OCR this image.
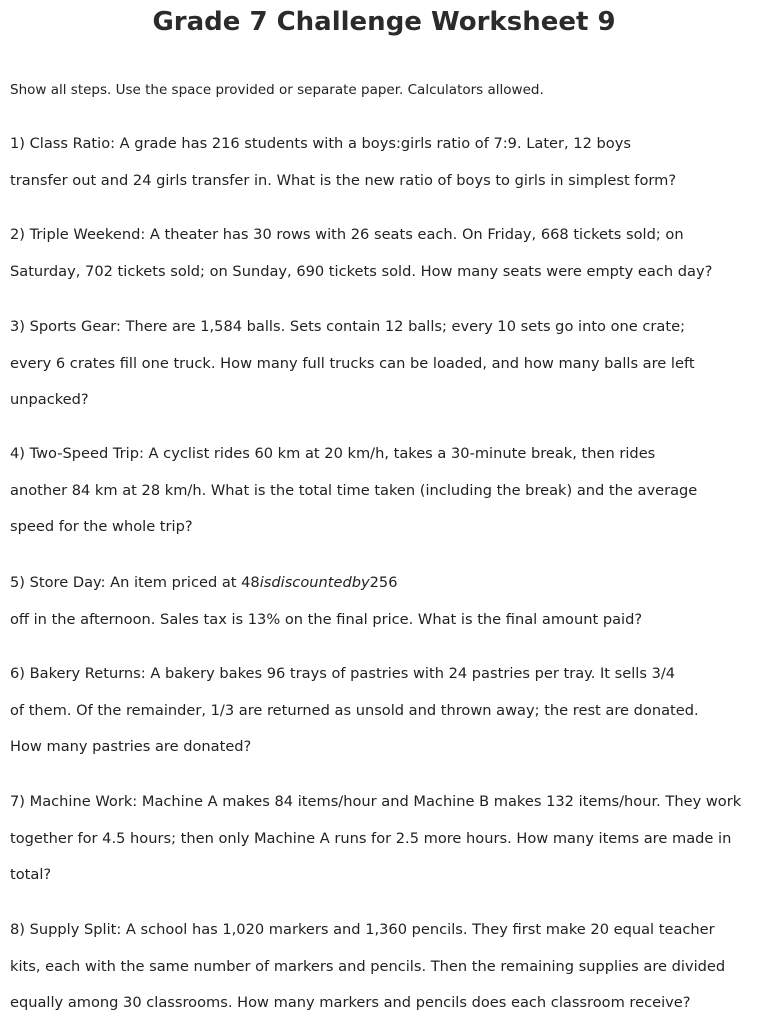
Grade 7 Challenge Worksheet 9

Show all steps. Use the space provided or separate paper. Calculators allowed.

1) Class Ratio: A grade has 216 students with a boys:girls ratio of 7:9. Later, 12 boys
transfer out and 24 girls transfer in. What is the new ratio of boys to girls in simplest form?
2) Triple Weekend: A theater has 30 rows with 26 seats each. On Friday, 668 tickets sold; on
Saturday, 702 tickets sold; on Sunday, 690 tickets sold. How many seats were empty each day?
3) Sports Gear: There are 1,584 balls. Sets contain 12 balls; every 10 sets go into one crate;
every 6 crates fill one truck. How many full trucks can be loaded, and how many balls are left
unpacked?
4) Two-Speed Trip: A cyclist rides 60 km at 20 km/h, takes a 30-minute break, then rides
another 84 km at 28 km/h. What is the total time taken (including the break) and the average
speed for the whole trip?
5) Store Day: An item priced at 48isdiscountedby256
off in the afternoon. Sales tax is 13% on the final price. What is the final amount paid?
6) Bakery Returns: A bakery bakes 96 trays of pastries with 24 pastries per tray. It sells 3/4
of them. Of the remainder, 1/3 are returned as unsold and thrown away; the rest are donated.
How many pastries are donated?
7) Machine Work: Machine A makes 84 items/hour and Machine B makes 132 items/hour. They work
together for 4.5 hours; then only Machine A runs for 2.5 more hours. How many items are made in
total?
8) Supply Split: A school has 1,020 markers and 1,360 pencils. They first make 20 equal teacher
kits, each with the same number of markers and pencils. Then the remaining supplies are divided
equally among 30 classrooms. How many markers and pencils does each classroom receive?
